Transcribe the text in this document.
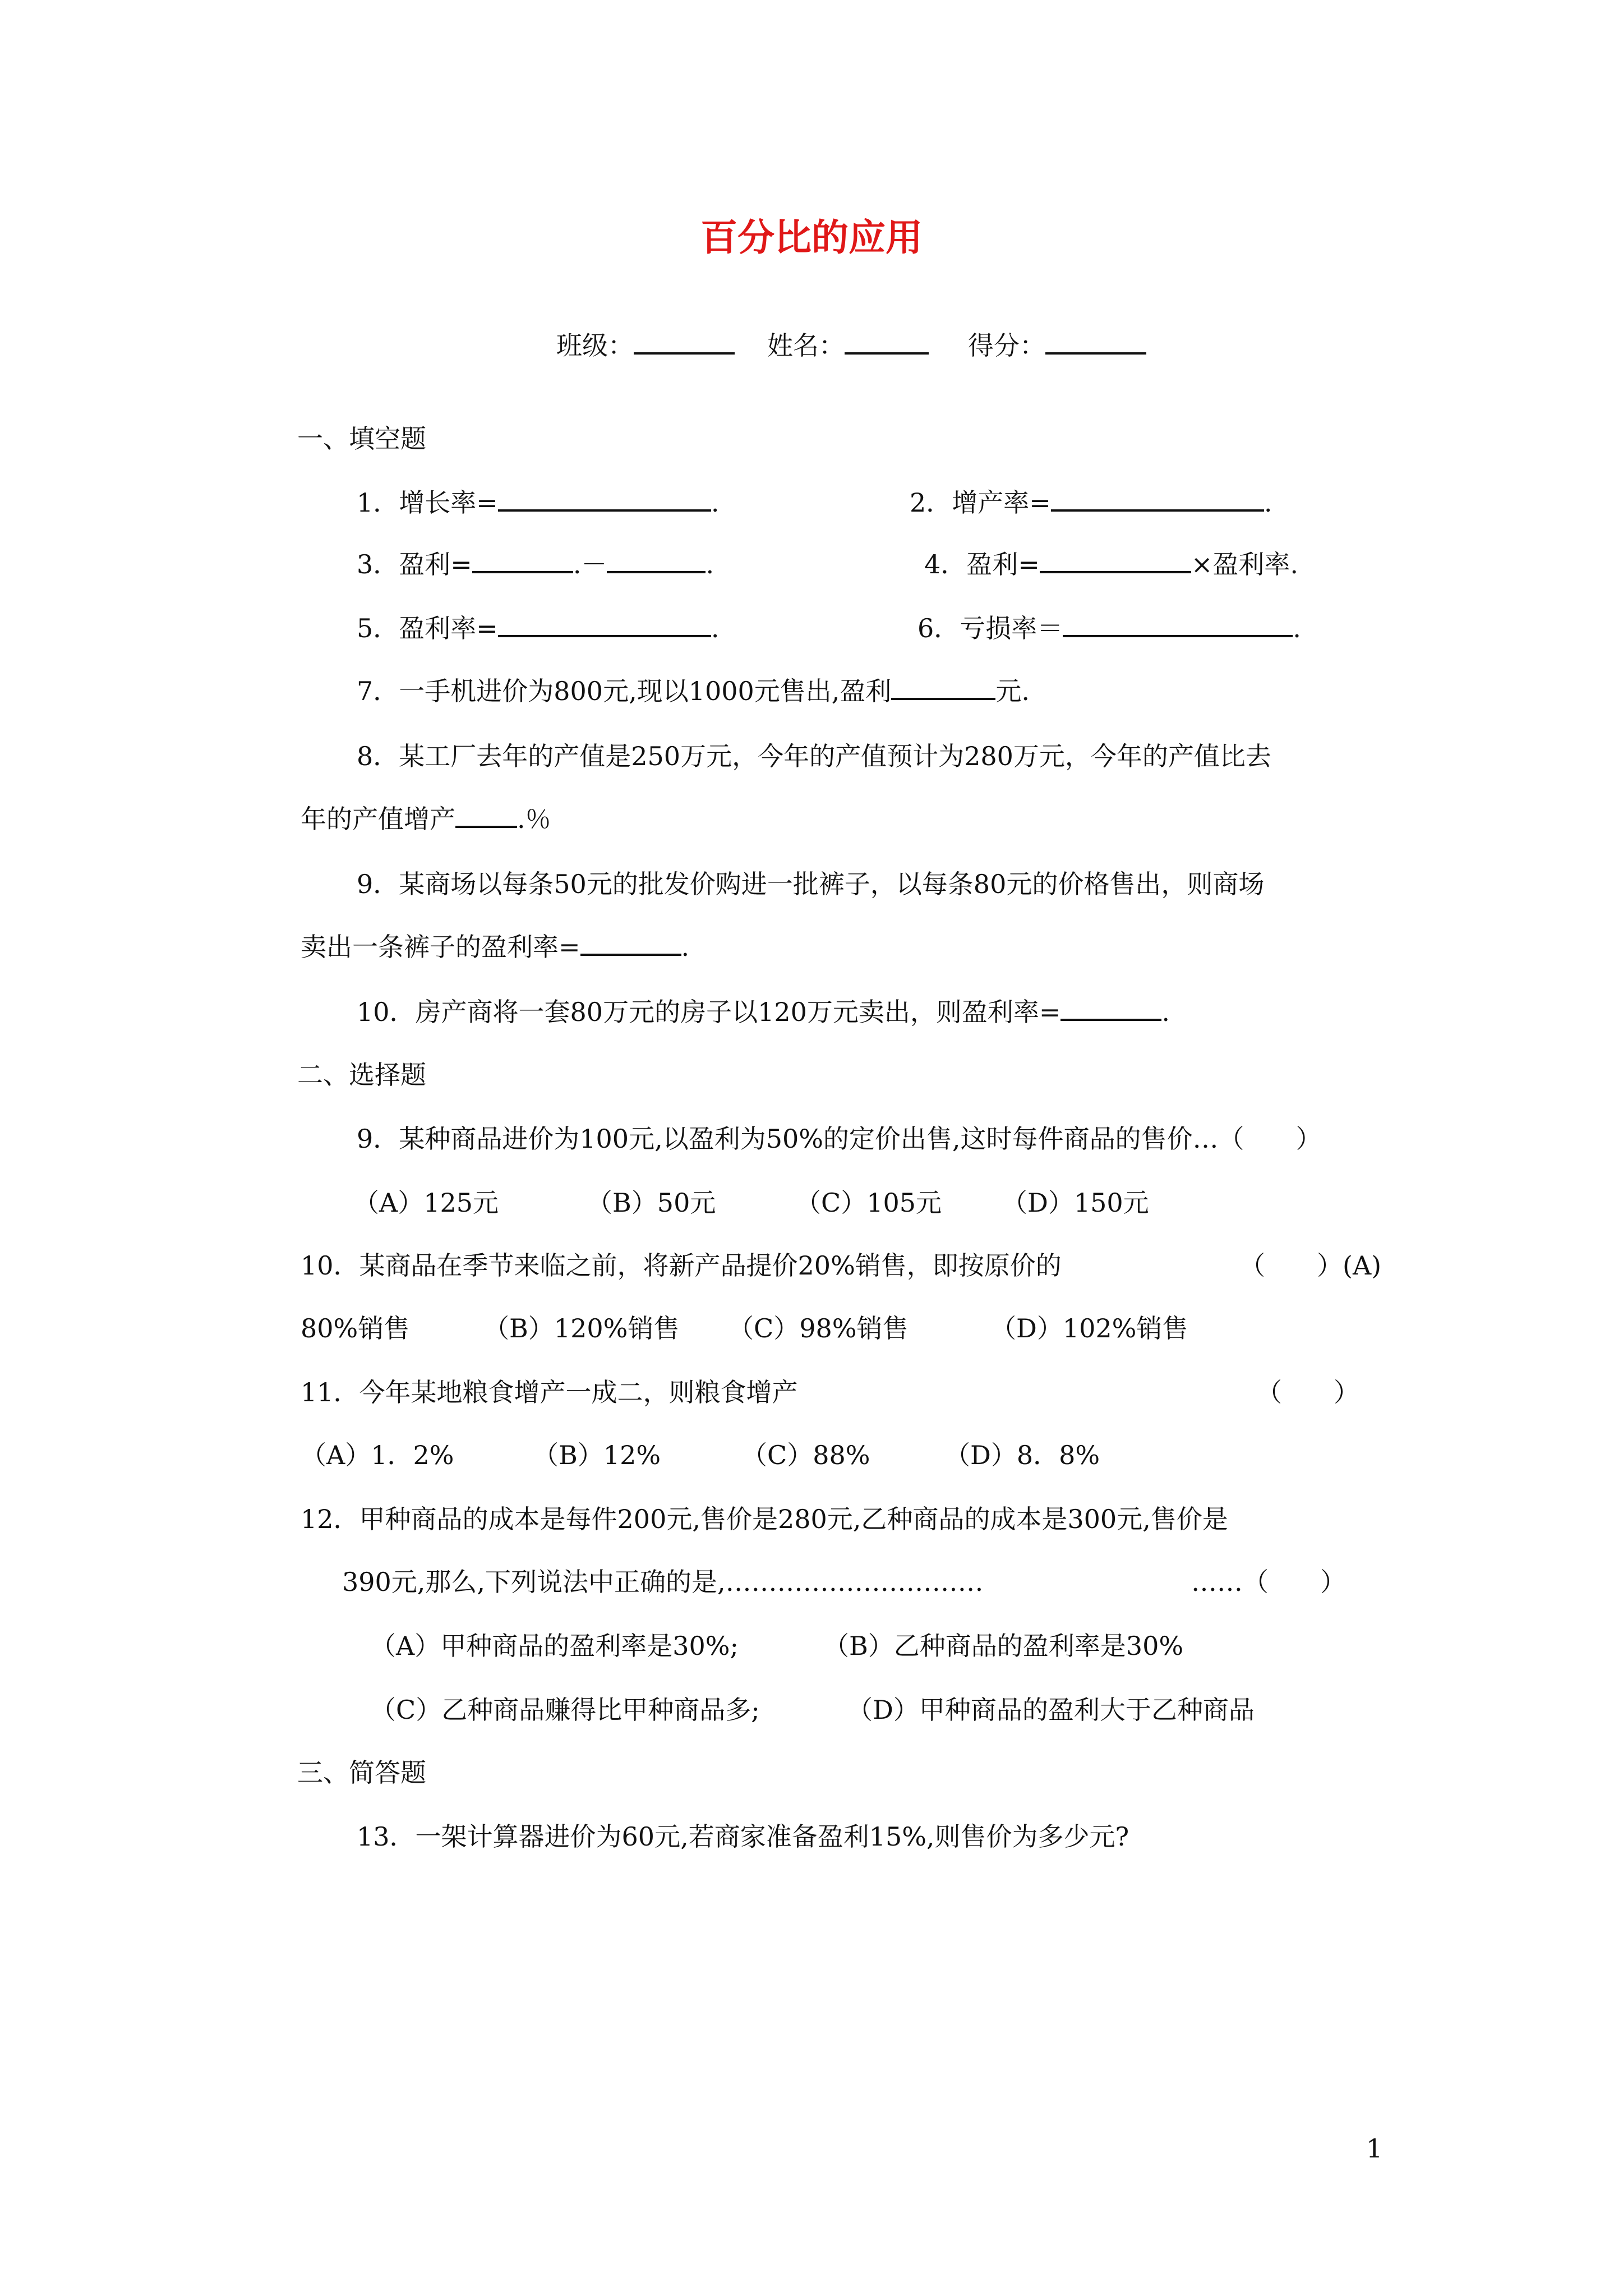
百分比的应用
班级：	姓名：	得分：
一、填空题
1．增长率=	.	2．增产率=	.
3．盈利=	.－	.	4．盈利=	×盈利率.
5．盈利率=	.	6．亏损率＝	.
7．一手机进价为800元,现以1000元售出,盈利	元.
8．某工厂去年的产值是250万元，今年的产值预计为280万元，今年的产值比去
年的产值增产 .％
9．某商场以每条50元的批发价购进一批裤子，以每条80元的价格售出，则商场
卖出一条裤子的盈利率=	.
10．房产商将一套80万元的房子以120万元卖出，则盈利率=	.
二、选择题
9．某种商品进价为100元,以盈利为50%的定价出售,这时每件商品的售价…（　　）
（A）125元	（B）50元	（C）105元 （D）150元
10．某商品在季节来临之前，将新产品提价20%销售，即按原价的	（　　）(A)
80%销售	（B）120%销售 （C）98%销售	（D）102%销售
11．今年某地粮食增产一成二，则粮食增产	（　　）
（A）1．2%	（B）12%	（C）88%	（D）8．8%
12．甲种商品的成本是每件200元,售价是280元,乙种商品的成本是300元,售价是
390元,那么,下列说法中正确的是,…………………………	……（　　）
（A）甲种商品的盈利率是30%;	（B）乙种商品的盈利率是30%
（C）乙种商品赚得比甲种商品多;	（D）甲种商品的盈利大于乙种商品
三、简答题
13．一架计算器进价为60元,若商家准备盈利15%,则售价为多少元?
1
